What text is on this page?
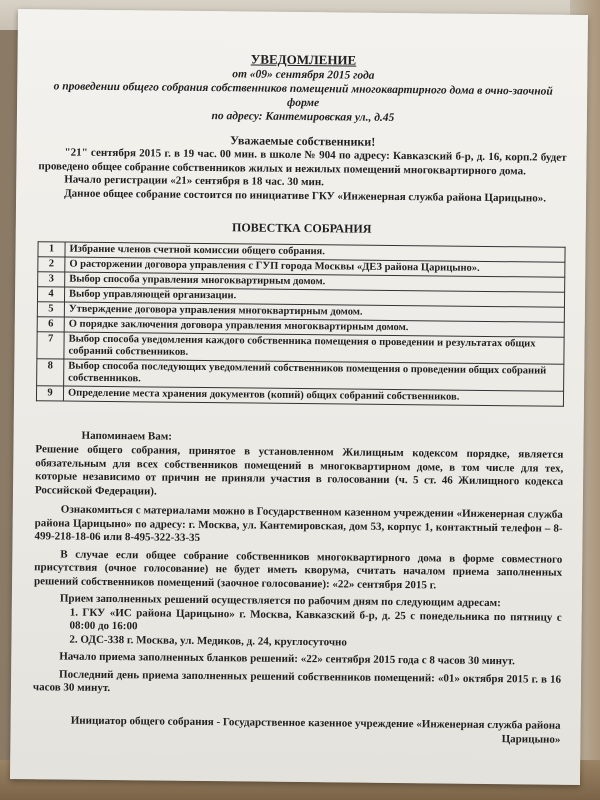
УВЕДОМЛЕНИЕ
от «09» сентября 2015 года
о проведении общего собрания собственников помещений многоквартирного дома в очно-заочной форме
по адресу: Кантемировская ул., д.45
Уважаемые собственники!

"21" сентября 2015 г. в 19 час. 00 мин. в школе № 904 по адресу: Кавказский б-р, д. 16, корп.2 будет проведено общее собрание собственников жилых и нежилых помещений многоквартирного дома.

Начало регистрации «21» сентября в 18 час. 30 мин.

Данное общее собрание состоится по инициативе ГКУ «Инженерная служба района Царицыно».

ПОВЕСТКА СОБРАНИЯ
1	Избрание членов счетной комиссии общего собрания.
2	О расторжении договора управления с ГУП города Москвы «ДЕЗ района Царицыно».
3	Выбор способа управления многоквартирным домом.
4	Выбор управляющей организации.
5	Утверждение договора управления многоквартирным домом.
6	О порядке заключения договора управления многоквартирным домом.
7	Выбор способа уведомления каждого собственника помещения о проведении и результатах общих собраний собственников.
8	Выбор способа последующих уведомлений собственников помещения о проведении общих собраний собственников.
9	Определение места хранения документов (копий) общих собраний собственников.
Напоминаем Вам:

Решение общего собрания, принятое в установленном Жилищным кодексом порядке, является обязательным для всех собственников помещений в многоквартирном доме, в том числе для тех, которые независимо от причин не приняли участия в голосовании (ч. 5 ст. 46 Жилищного кодекса Российской Федерации).

Ознакомиться с материалами можно в Государственном казенном учреждении «Инженерная служба района Царицыно» по адресу: г. Москва, ул. Кантемировская, дом 53, корпус 1, контактный телефон – 8-499-218-18-06 или 8-495-322-33-35

В случае если общее собрание собственников многоквартирного дома в форме совместного присутствия (очное голосование) не будет иметь кворума, считать началом приема заполненных решений собственников помещений (заочное голосование): «22» сентября 2015 г.

Прием заполненных решений осуществляется по рабочим дням по следующим адресам:

1. ГКУ «ИС района Царицыно» г. Москва, Кавказский б-р, д. 25 с понедельника по пятницу с 08:00 до 16:00

2. ОДС-338 г. Москва, ул. Медиков, д. 24, круглосуточно

Начало приема заполненных бланков решений: «22» сентября 2015 года с 8 часов 30 минут.

Последний день приема заполненных решений собственников помещений: «01» октября 2015 г. в 16 часов 30 минут.

Инициатор общего собрания - Государственное казенное учреждение «Инженерная служба района Царицыно»
